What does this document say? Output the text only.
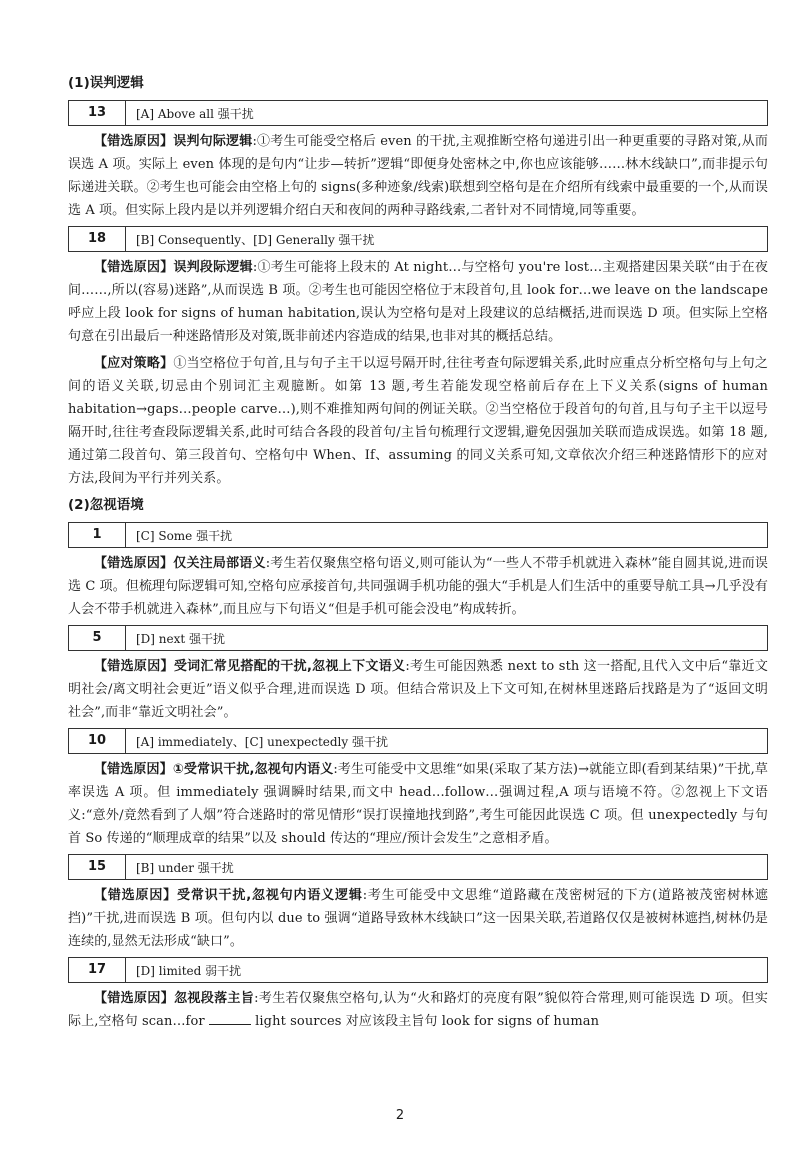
(1)误判逻辑
13	[A] Above all 强干扰

【错选原因】误判句际逻辑:①考生可能受空格后 even 的干扰,主观推断空格句递进引出一种更重要的寻路对策,从而误选 A 项。实际上 even 体现的是句内“让步—转折”逻辑“即便身处密林之中,你也应该能够……林木线缺口”,而非提示句际递进关联。②考生也可能会由空格上句的 signs(多种迹象/线索)联想到空格句是在介绍所有线索中最重要的一个,从而误选 A 项。但实际上段内是以并列逻辑介绍白天和夜间的两种寻路线索,二者针对不同情境,同等重要。

18	[B] Consequently、[D] Generally 强干扰

【错选原因】误判段际逻辑:①考生可能将上段末的 At night…与空格句 you're lost…主观搭建因果关联“由于在夜间……,所以(容易)迷路”,从而误选 B 项。②考生也可能因空格位于末段首句,且 look for…we leave on the landscape 呼应上段 look for signs of human habitation,误认为空格句是对上段建议的总结概括,进而误选 D 项。但实际上空格句意在引出最后一种迷路情形及对策,既非前述内容造成的结果,也非对其的概括总结。

【应对策略】①当空格位于句首,且与句子主干以逗号隔开时,往往考查句际逻辑关系,此时应重点分析空格句与上句之间的语义关联,切忌由个别词汇主观臆断。如第 13 题,考生若能发现空格前后存在上下义关系(signs of human habitation→gaps…people carve…),则不难推知两句间的例证关联。②当空格位于段首句的句首,且与句子主干以逗号隔开时,往往考查段际逻辑关系,此时可结合各段的段首句/主旨句梳理行文逻辑,避免因强加关联而造成误选。如第 18 题,通过第二段首句、第三段首句、空格句中 When、If、assuming 的同义关系可知,文章依次介绍三种迷路情形下的应对方法,段间为平行并列关系。

(2)忽视语境
1	[C] Some 强干扰

【错选原因】仅关注局部语义:考生若仅聚焦空格句语义,则可能认为“一些人不带手机就进入森林”能自圆其说,进而误选 C 项。但梳理句际逻辑可知,空格句应承接首句,共同强调手机功能的强大“手机是人们生活中的重要导航工具→几乎没有人会不带手机就进入森林”,而且应与下句语义“但是手机可能会没电”构成转折。

5	[D] next 强干扰

【错选原因】受词汇常见搭配的干扰,忽视上下文语义:考生可能因熟悉 next to sth 这一搭配,且代入文中后“靠近文明社会/离文明社会更近”语义似乎合理,进而误选 D 项。但结合常识及上下文可知,在树林里迷路后找路是为了“返回文明社会”,而非“靠近文明社会”。

10	[A] immediately、[C] unexpectedly 强干扰

【错选原因】①受常识干扰,忽视句内语义:考生可能受中文思维“如果(采取了某方法)→就能立即(看到某结果)”干扰,草率误选 A 项。但 immediately 强调瞬时结果,而文中 head…follow…强调过程,A 项与语境不符。②忽视上下文语义:“意外/竟然看到了人烟”符合迷路时的常见情形“误打误撞地找到路”,考生可能因此误选 C 项。但 unexpectedly 与句首 So 传递的“顺理成章的结果”以及 should 传达的“理应/预计会发生”之意相矛盾。

15	[B] under 强干扰

【错选原因】受常识干扰,忽视句内语义逻辑:考生可能受中文思维“道路藏在茂密树冠的下方(道路被茂密树林遮挡)”干扰,进而误选 B 项。但句内以 due to 强调“道路导致林木线缺口”这一因果关联,若道路仅仅是被树林遮挡,树林仍是连续的,显然无法形成“缺口”。

17	[D] limited 弱干扰

【错选原因】忽视段落主旨:考生若仅聚焦空格句,认为“火和路灯的亮度有限”貌似符合常理,则可能误选 D 项。但实际上,空格句 scan…for	light sources 对应该段主旨句 look for signs of human

2
